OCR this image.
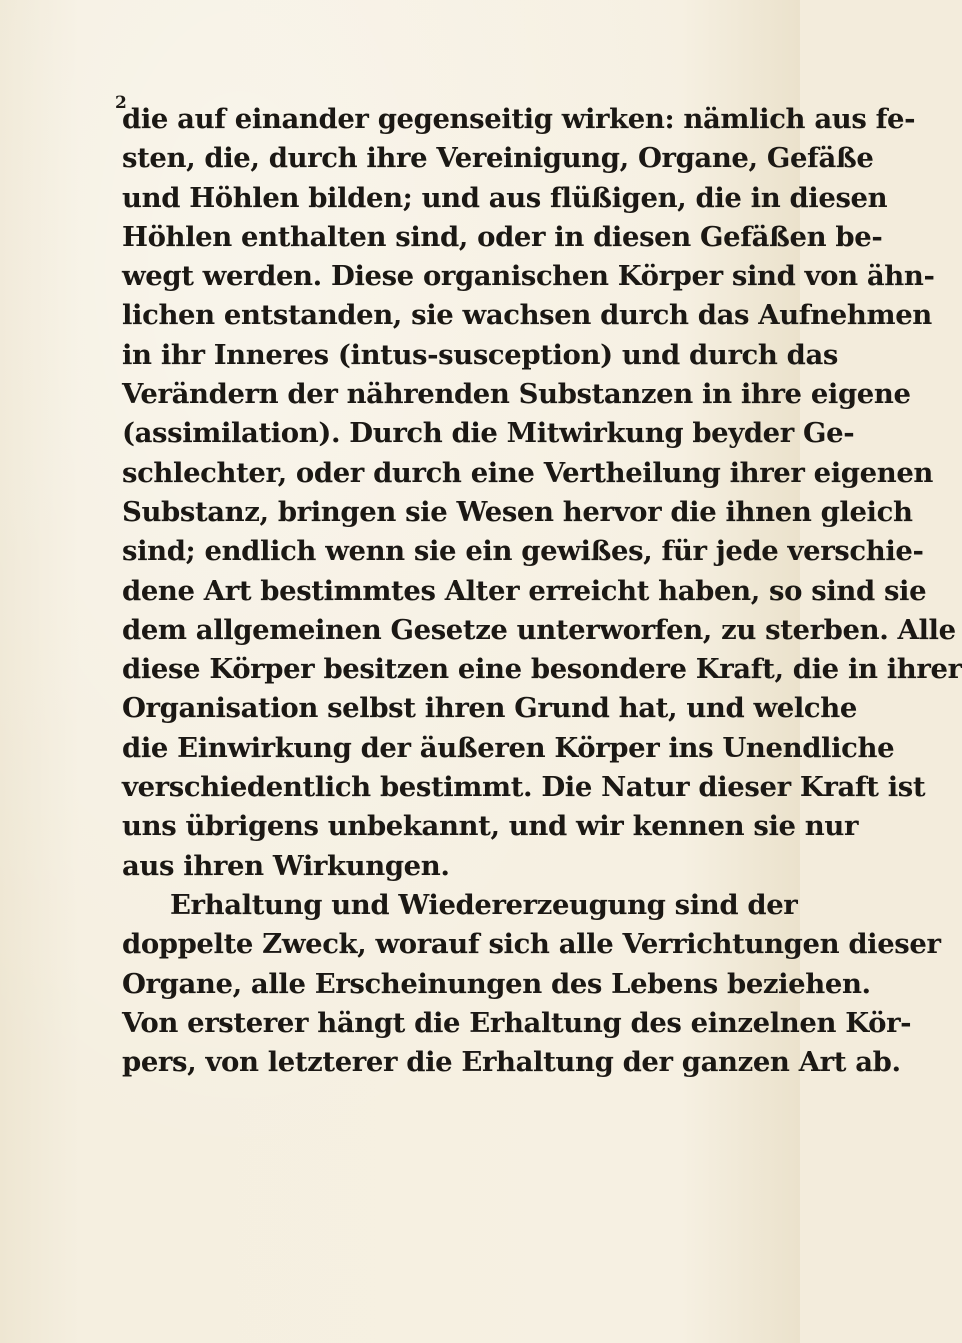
2
die auf einander gegenseitig wirken: nämlich aus fe-
sten, die, durch ihre Vereinigung, Organe, Gefäße
und Höhlen bilden; und aus flüßigen, die in diesen
Höhlen enthalten sind, oder in diesen Gefäßen be-
wegt werden. Diese organischen Körper sind von ähn-
lichen entstanden, sie wachsen durch das Aufnehmen
in ihr Inneres (intus-susception) und durch das
Verändern der nährenden Substanzen in ihre eigene
(assimilation). Durch die Mitwirkung beyder Ge-
schlechter, oder durch eine Vertheilung ihrer eigenen
Substanz, bringen sie Wesen hervor die ihnen gleich
sind; endlich wenn sie ein gewißes, für jede verschie-
dene Art bestimmtes Alter erreicht haben, so sind sie
dem allgemeinen Gesetze unterworfen, zu sterben. Alle
diese Körper besitzen eine besondere Kraft, die in ihrer
Organisation selbst ihren Grund hat, und welche
die Einwirkung der äußeren Körper ins Unendliche
verschiedentlich bestimmt. Die Natur dieser Kraft ist
uns übrigens unbekannt, und wir kennen sie nur
aus ihren Wirkungen.
Erhaltung und Wiedererzeugung sind der
doppelte Zweck, worauf sich alle Verrichtungen dieser
Organe, alle Erscheinungen des Lebens beziehen.
Von ersterer hängt die Erhaltung des einzelnen Kör-
pers, von letzterer die Erhaltung der ganzen Art ab.
